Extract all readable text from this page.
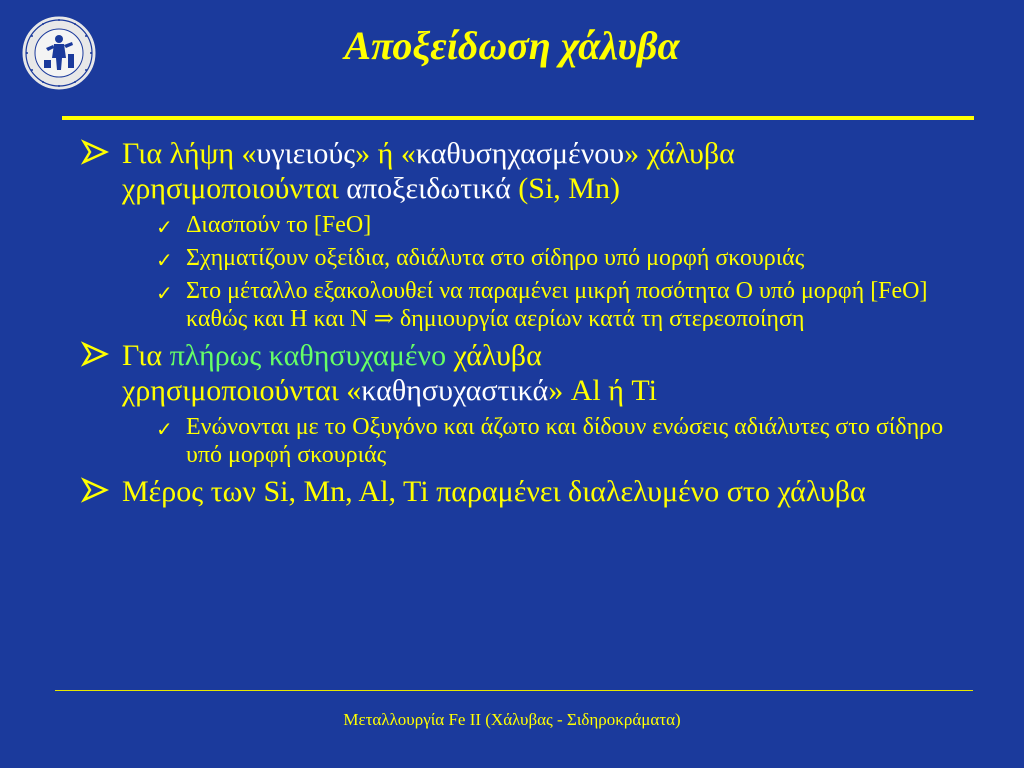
Αποξείδωση χάλυβα
Για λήψη «υγιειούς» ή «καθυσηχασμένου» χάλυβα
χρησιμοποιούνται αποξειδωτικά (Si, Mn)
✓ Διασπούν το [FeO]
✓ Σχηματίζουν οξείδια, αδιάλυτα στο σίδηρο υπό μορφή σκουριάς
✓ Στο μέταλλο εξακολουθεί να παραμένει μικρή ποσότητα O υπό μορφή [FeO] καθώς και Η και Ν ⇒ δημιουργία αερίων κατά τη στερεοποίηση
Για πλήρως καθησυχαμένο χάλυβα
χρησιμοποιούνται «καθησυχαστικά» Al ή Ti
✓ Ενώνονται με το Οξυγόνο και άζωτο και δίδουν ενώσεις αδιάλυτες στο σίδηρο υπό μορφή σκουριάς
Μέρος των Si, Mn, Al, Ti παραμένει διαλελυμένο στο χάλυβα
Μεταλλουργία Fe II (Χάλυβας - Σιδηροκράματα)
